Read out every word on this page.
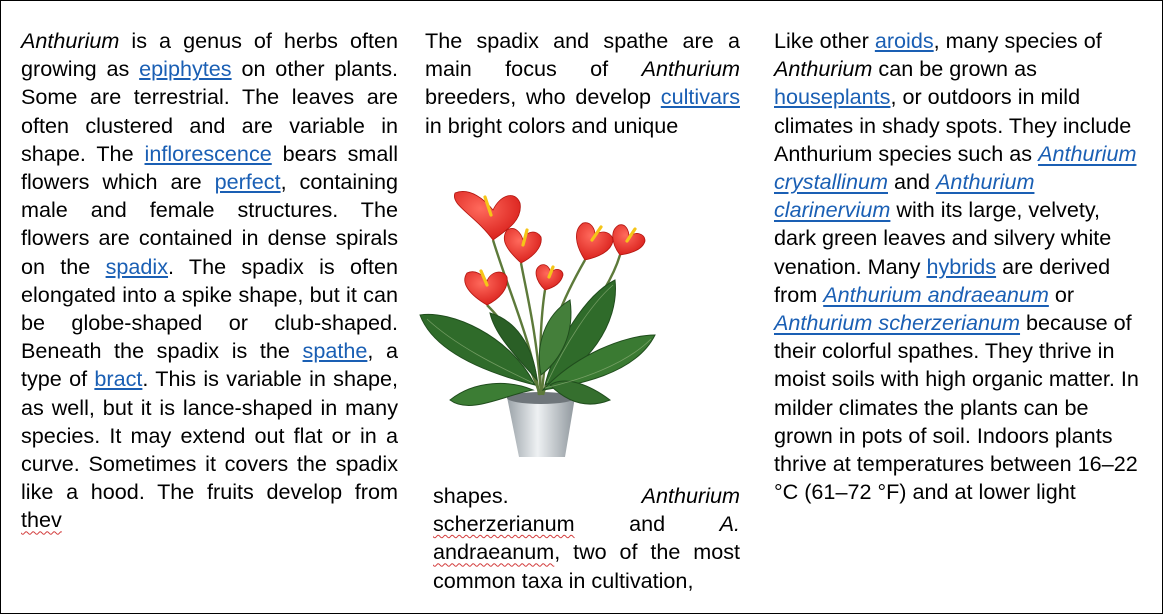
Anthurium is a genus of herbs often growing as epiphytes on other plants. Some are terrestrial. The leaves are often clustered and are variable in shape. The inflorescence bears small flowers which are perfect, containing male and female structures. The flowers are contained in dense spirals on the spadix. The spadix is often elongated into a spike shape, but it can be globe-shaped or club-shaped. Beneath the spadix is the spathe, a type of bract. This is variable in shape, as well, but it is lance-shaped in many species. It may extend out flat or in a curve. Sometimes it covers the spadix like a hood. The fruits develop from thev

The spadix and spathe are a main focus of Anthurium breeders, who develop cultivars in bright colors and unique

shapes. Anthurium scherzerianum and A. andraeanum, two of the most common taxa in cultivation,

Like other aroids, many species of Anthurium can be grown as houseplants, or outdoors in mild climates in shady spots. They include Anthurium species such as Anthurium crystallinum and Anthurium clarinervium with its large, velvety, dark green leaves and silvery white venation. Many hybrids are derived from Anthurium andraeanum or Anthurium scherzerianum because of their colorful spathes. They thrive in moist soils with high organic matter. In milder climates the plants can be grown in pots of soil. Indoors plants thrive at temperatures between 16–22 °C (61–72 °F) and at lower light
